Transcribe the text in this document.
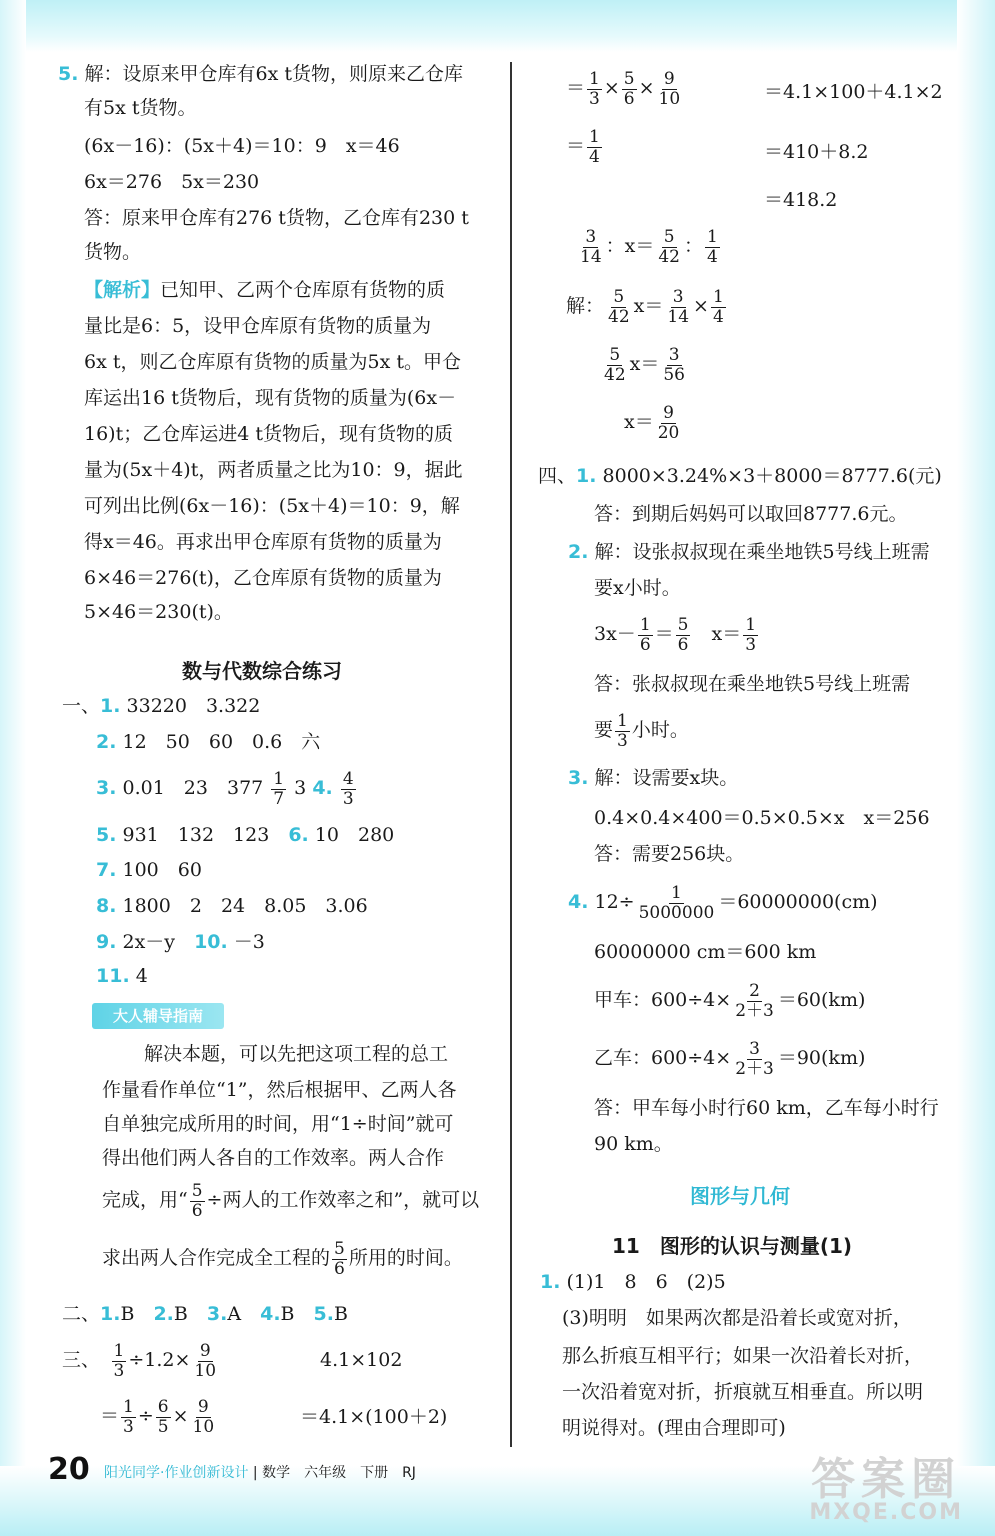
5. 解：设原来甲仓库有6x t货物，则原来乙仓库
有5x t货物。
(6x－16)：(5x＋4)＝10：9　 x＝46
6x＝276　5x＝230
答：原来甲仓库有276 t货物，乙仓库有230 t
货物。
【解析】已知甲、乙两个仓库原有货物的质
量比是6：5，设甲仓库原有货物的质量为
6x t，则乙仓库原有货物的质量为5x t。甲仓
库运出16 t货物后，现有货物的质量为(6x－
16)t；乙仓库运进4 t货物后，现有货物的质
量为(5x＋4)t，两者质量之比为10：9，据此
可列出比例(6x－16)：(5x＋4)＝10：9，解
得x＝46。再求出甲仓库原有货物的质量为
6×46＝276(t)，乙仓库原有货物的质量为
5×46＝230(t)。
数与代数综合练习
一、1. 33220　3.322
2. 12　50　60　0.6　六
3. 0.01　23　$377 \frac{1}{7} 3$ 4. $\frac{4}{3}$
5. 931　132　123　 6. 10　280
7. 100　60
8. 1800　2　24　8.05　3.06
9. 2x－y　 10. －3
11. 4
大人辅导指南
解决本题，可以先把这项工程的总工
作量看作单位“1”，然后根据甲、乙两人各
自单独完成所用的时间，用“1÷时间”就可
得出他们两人各自的工作效率。两人合作
完成，用“ $\frac{5}{6}$ ÷两人的工作效率之和”，就可以
求出两人合作完成全工程的 $\frac{5}{6}$ 所用的时间。
二、1.B　 2.B　 3.A　 4.B　 5.B
三、　 $\frac{1}{3} \div 1.2\times \frac{9}{10}$	4.1×102
＝ $\frac{1}{3} \div \frac{6}{5} \times \frac{9}{10}$	＝4.1×(100＋2)
＝ $\frac{1}{3} \times \frac{5}{6} \times \frac{9}{10}$
＝ $\frac{1}{4}$
＝4.1×100＋4.1×2
＝410＋8.2
＝418.2
$\frac{3}{14}$ ：$x= \frac{5}{42}$ ： $\frac{1}{4}$
解： $\frac{5}{42} x= \frac{3}{14} \times \frac{1}{4}$
$\frac{5}{42} x= \frac{3}{56}$
$x= \frac{9}{20}$
四、1. 8000×3.24%×3＋8000＝8777.6(元)
答：到期后妈妈可以取回8777.6元。
2. 解：设张叔叔现在乘坐地铁5号线上班需
要x小时。
$3x- \frac{1}{6} = \frac{5}{6}$
　 $x= \frac{1}{3}$
答：张叔叔现在乘坐地铁5号线上班需
要 $\frac{1}{3}$ 小时。
3. 解：设需要x块。
0.4×0.4×400＝0.5×0.5×x　 x＝256
答：需要256块。
4. $12\div \frac{1}{5000000} =60000000(cm)$
60000000 cm＝600 km
甲车：$600\div 4\times \frac{2}{2+3} =60(km)$
乙车：$600\div 4\times \frac{3}{2+3} =90(km)$
答：甲车每小时行60 km，乙车每小时行
90 km。
图形与几何
11　 图形的认识与测量(1)
1. (1)1　8　6　(2)5
(3)明明　如果两次都是沿着长或宽对折，
那么折痕互相平行；如果一次沿着长对折，
一次沿着宽对折，折痕就互相垂直。所以明
明说得对。(理由合理即可)
20 阳光同学·作业创新设计 | 数学　六年级　下册　RJ	答案圈
MXQE.COM
